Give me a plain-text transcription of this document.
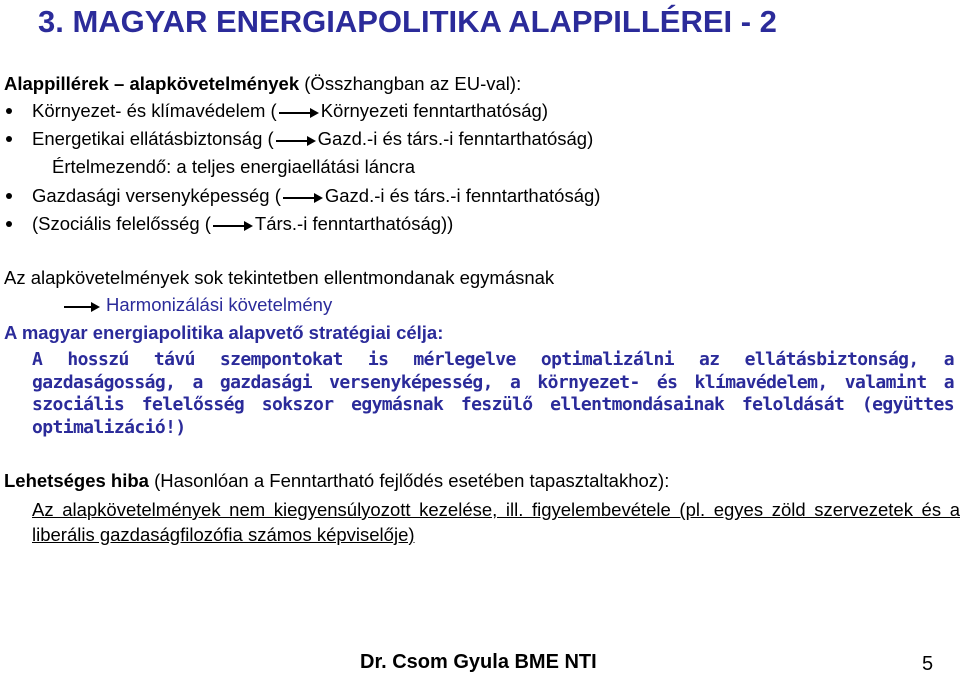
3. MAGYAR ENERGIAPOLITIKA ALAPPILLÉREI - 2
Alappillérek – alapkövetelmények (Összhangban az EU-val):
Környezet- és klímavédelem ( Környezeti fenntarthatóság)
Energetikai ellátásbiztonság ( Gazd.-i és társ.-i fenntarthatóság)
Értelmezendő: a teljes energiaellátási láncra
Gazdasági versenyképesség ( Gazd.-i és társ.-i fenntarthatóság)
(Szociális felelősség ( Társ.-i fenntarthatóság))
Az alapkövetelmények sok tekintetben ellentmondanak egymásnak
Harmonizálási követelmény
A magyar energiapolitika alapvető stratégiai célja:
A hosszú távú szempontokat is mérlegelve optimalizálni az ellátásbiztonság, a gazdaságosság, a gazdasági versenyképesség, a környezet- és klímavédelem, valamint a szociális felelősség sokszor egymásnak feszülő ellentmondásainak feloldását (együttes optimalizáció!)
Lehetséges hiba (Hasonlóan a Fenntartható fejlődés esetében tapasztaltakhoz):
Az alapkövetelmények nem kiegyensúlyozott kezelése, ill. figyelembevétele (pl. egyes zöld szervezetek és a liberális gazdaságfilozófia számos képviselője)
Dr. Csom Gyula BME NTI	5
